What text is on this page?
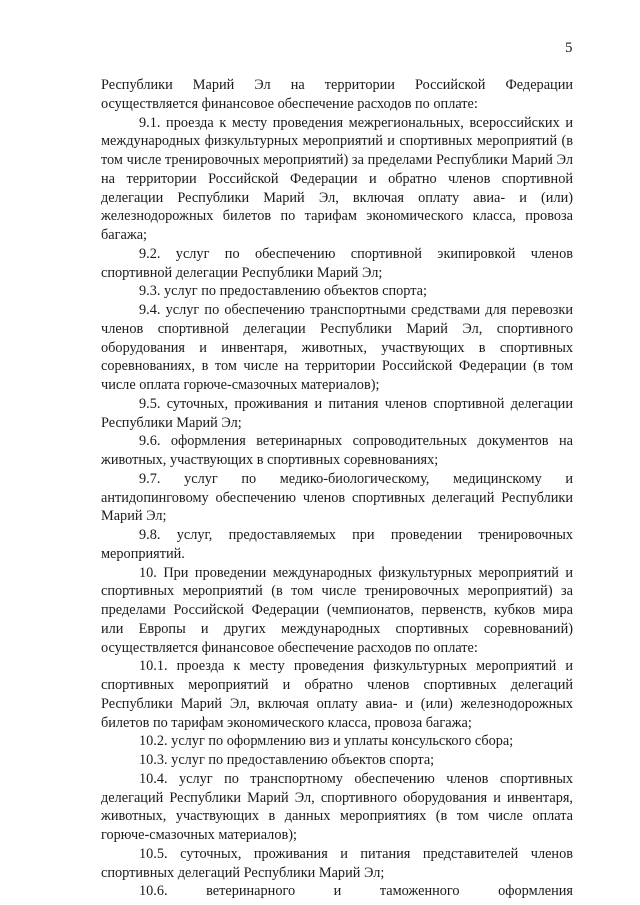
5

Республики Марий Эл на территории Российской Федерации осуществляется финансовое обеспечение расходов по оплате:

9.1. проезда к месту проведения межрегиональных, всероссийских и международных физкультурных мероприятий и спортивных мероприятий (в том числе тренировочных мероприятий) за пределами Республики Марий Эл на территории Российской Федерации и обратно членов спортивной делегации Республики Марий Эл, включая оплату авиа- и (или) железнодорожных билетов по тарифам экономического класса, провоза багажа;

9.2. услуг по обеспечению спортивной экипировкой членов спортивной делегации Республики Марий Эл;

9.3. услуг по предоставлению объектов спорта;

9.4. услуг по обеспечению транспортными средствами для перевозки членов спортивной делегации Республики Марий Эл, спортивного оборудования и инвентаря, животных, участвующих в спортивных соревнованиях, в том числе на территории Российской Федерации (в том числе оплата горюче-смазочных материалов);

9.5. суточных, проживания и питания членов спортивной делегации Республики Марий Эл;

9.6. оформления ветеринарных сопроводительных документов на животных, участвующих в спортивных соревнованиях;

9.7. услуг по медико-биологическому, медицинскому и антидопинговому обеспечению членов спортивных делегаций Республики Марий Эл;

9.8. услуг, предоставляемых при проведении тренировочных мероприятий.

10. При проведении международных физкультурных мероприятий и спортивных мероприятий (в том числе тренировочных мероприятий) за пределами Российской Федерации (чемпионатов, первенств, кубков мира или Европы и других международных спортивных соревнований) осуществляется финансовое обеспечение расходов по оплате:

10.1. проезда к месту проведения физкультурных мероприятий и спортивных мероприятий и обратно членов спортивных делегаций Республики Марий Эл, включая оплату авиа- и (или) железнодорожных билетов по тарифам экономического класса, провоза багажа;

10.2. услуг по оформлению виз и уплаты консульского сбора;

10.3. услуг по предоставлению объектов спорта;

10.4. услуг по транспортному обеспечению членов спортивных делегаций Республики Марий Эл, спортивного оборудования и инвентаря, животных, участвующих в данных мероприятиях (в том числе оплата горюче-смазочных материалов);

10.5. суточных, проживания и питания представителей членов спортивных делегаций Республики Марий Эл;

10.6. ветеринарного и таможенного оформления
